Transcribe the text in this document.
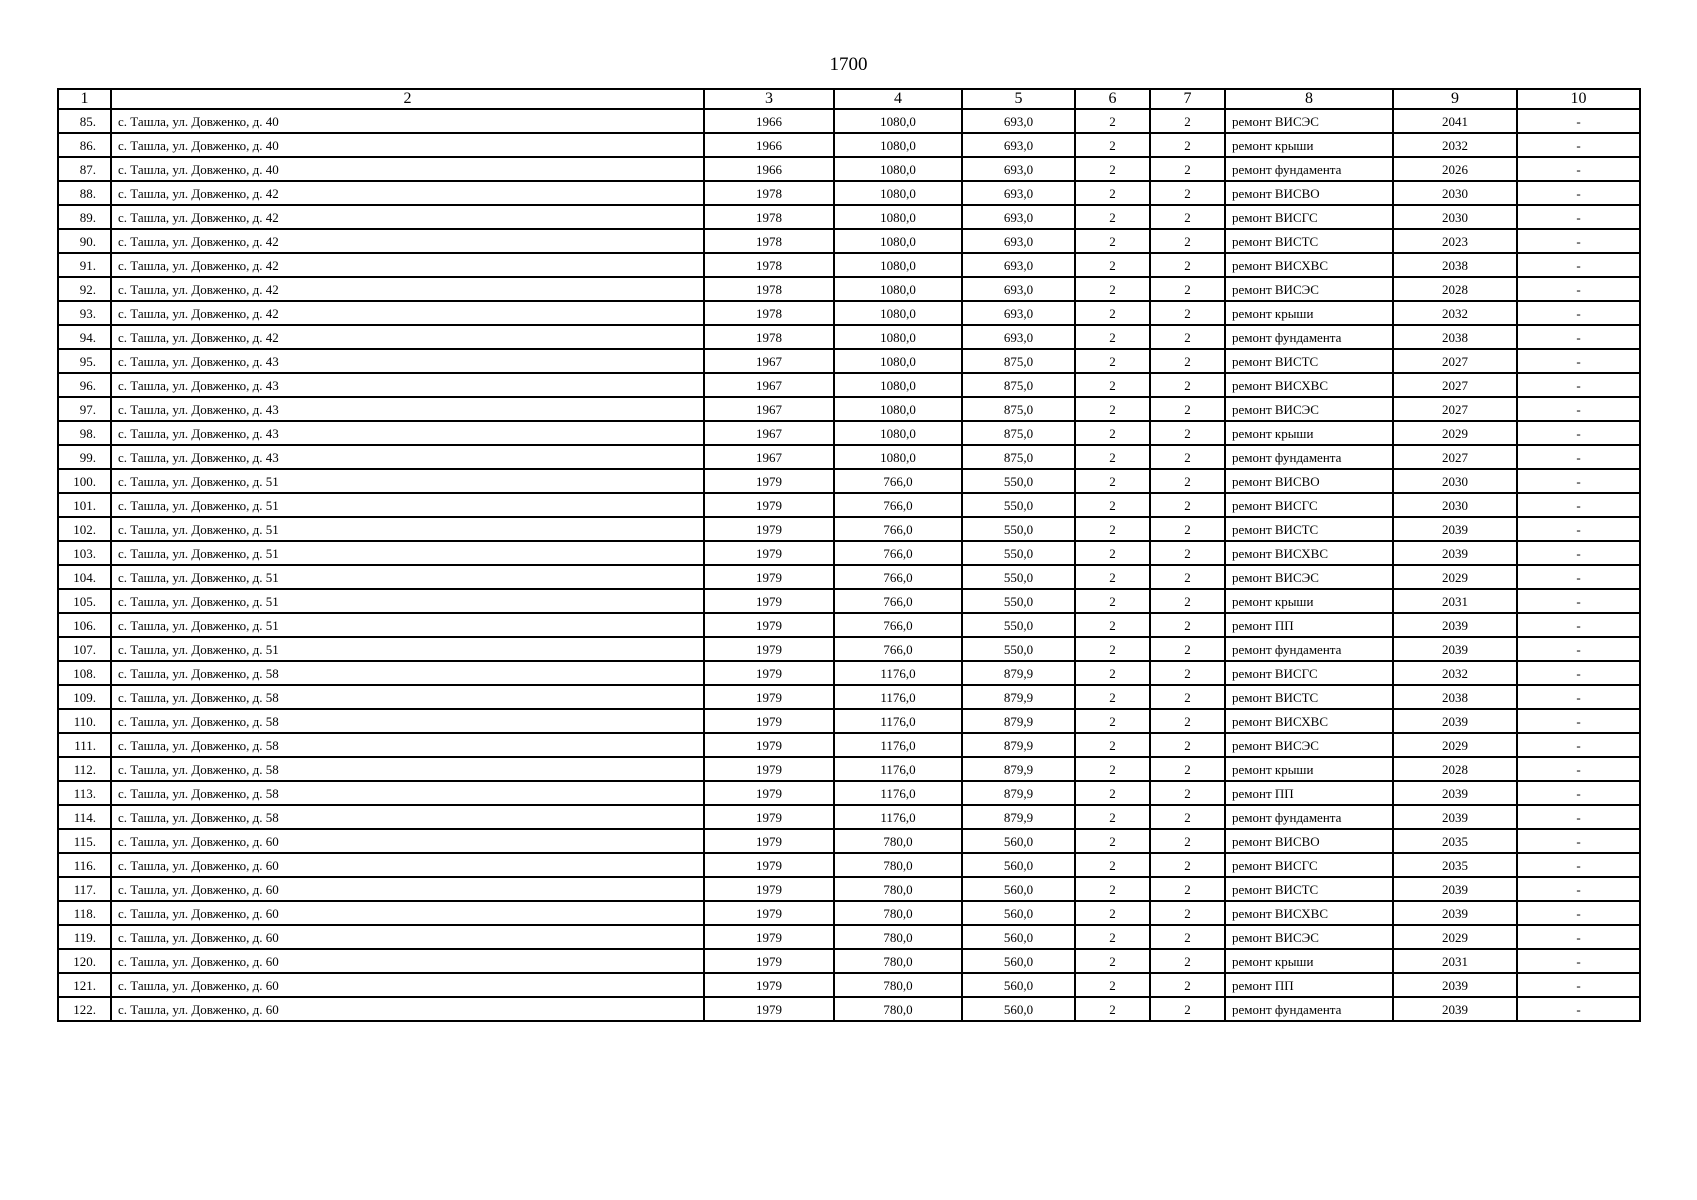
1700
1	2	3	4	5	6	7	8	9	10
85.	с. Ташла, ул. Довженко, д. 40	1966	1080,0	693,0	2	2	ремонт ВИСЭС	2041	-
86.	с. Ташла, ул. Довженко, д. 40	1966	1080,0	693,0	2	2	ремонт крыши	2032	-
87.	с. Ташла, ул. Довженко, д. 40	1966	1080,0	693,0	2	2	ремонт фундамента	2026	-
88.	с. Ташла, ул. Довженко, д. 42	1978	1080,0	693,0	2	2	ремонт ВИСВО	2030	-
89.	с. Ташла, ул. Довженко, д. 42	1978	1080,0	693,0	2	2	ремонт ВИСГС	2030	-
90.	с. Ташла, ул. Довженко, д. 42	1978	1080,0	693,0	2	2	ремонт ВИСТС	2023	-
91.	с. Ташла, ул. Довженко, д. 42	1978	1080,0	693,0	2	2	ремонт ВИСХВС	2038	-
92.	с. Ташла, ул. Довженко, д. 42	1978	1080,0	693,0	2	2	ремонт ВИСЭС	2028	-
93.	с. Ташла, ул. Довженко, д. 42	1978	1080,0	693,0	2	2	ремонт крыши	2032	-
94.	с. Ташла, ул. Довженко, д. 42	1978	1080,0	693,0	2	2	ремонт фундамента	2038	-
95.	с. Ташла, ул. Довженко, д. 43	1967	1080,0	875,0	2	2	ремонт ВИСТС	2027	-
96.	с. Ташла, ул. Довженко, д. 43	1967	1080,0	875,0	2	2	ремонт ВИСХВС	2027	-
97.	с. Ташла, ул. Довженко, д. 43	1967	1080,0	875,0	2	2	ремонт ВИСЭС	2027	-
98.	с. Ташла, ул. Довженко, д. 43	1967	1080,0	875,0	2	2	ремонт крыши	2029	-
99.	с. Ташла, ул. Довженко, д. 43	1967	1080,0	875,0	2	2	ремонт фундамента	2027	-
100.	с. Ташла, ул. Довженко, д. 51	1979	766,0	550,0	2	2	ремонт ВИСВО	2030	-
101.	с. Ташла, ул. Довженко, д. 51	1979	766,0	550,0	2	2	ремонт ВИСГС	2030	-
102.	с. Ташла, ул. Довженко, д. 51	1979	766,0	550,0	2	2	ремонт ВИСТС	2039	-
103.	с. Ташла, ул. Довженко, д. 51	1979	766,0	550,0	2	2	ремонт ВИСХВС	2039	-
104.	с. Ташла, ул. Довженко, д. 51	1979	766,0	550,0	2	2	ремонт ВИСЭС	2029	-
105.	с. Ташла, ул. Довженко, д. 51	1979	766,0	550,0	2	2	ремонт крыши	2031	-
106.	с. Ташла, ул. Довженко, д. 51	1979	766,0	550,0	2	2	ремонт ПП	2039	-
107.	с. Ташла, ул. Довженко, д. 51	1979	766,0	550,0	2	2	ремонт фундамента	2039	-
108.	с. Ташла, ул. Довженко, д. 58	1979	1176,0	879,9	2	2	ремонт ВИСГС	2032	-
109.	с. Ташла, ул. Довженко, д. 58	1979	1176,0	879,9	2	2	ремонт ВИСТС	2038	-
110.	с. Ташла, ул. Довженко, д. 58	1979	1176,0	879,9	2	2	ремонт ВИСХВС	2039	-
111.	с. Ташла, ул. Довженко, д. 58	1979	1176,0	879,9	2	2	ремонт ВИСЭС	2029	-
112.	с. Ташла, ул. Довженко, д. 58	1979	1176,0	879,9	2	2	ремонт крыши	2028	-
113.	с. Ташла, ул. Довженко, д. 58	1979	1176,0	879,9	2	2	ремонт ПП	2039	-
114.	с. Ташла, ул. Довженко, д. 58	1979	1176,0	879,9	2	2	ремонт фундамента	2039	-
115.	с. Ташла, ул. Довженко, д. 60	1979	780,0	560,0	2	2	ремонт ВИСВО	2035	-
116.	с. Ташла, ул. Довженко, д. 60	1979	780,0	560,0	2	2	ремонт ВИСГС	2035	-
117.	с. Ташла, ул. Довженко, д. 60	1979	780,0	560,0	2	2	ремонт ВИСТС	2039	-
118.	с. Ташла, ул. Довженко, д. 60	1979	780,0	560,0	2	2	ремонт ВИСХВС	2039	-
119.	с. Ташла, ул. Довженко, д. 60	1979	780,0	560,0	2	2	ремонт ВИСЭС	2029	-
120.	с. Ташла, ул. Довженко, д. 60	1979	780,0	560,0	2	2	ремонт крыши	2031	-
121.	с. Ташла, ул. Довженко, д. 60	1979	780,0	560,0	2	2	ремонт ПП	2039	-
122.	с. Ташла, ул. Довженко, д. 60	1979	780,0	560,0	2	2	ремонт фундамента	2039	-
